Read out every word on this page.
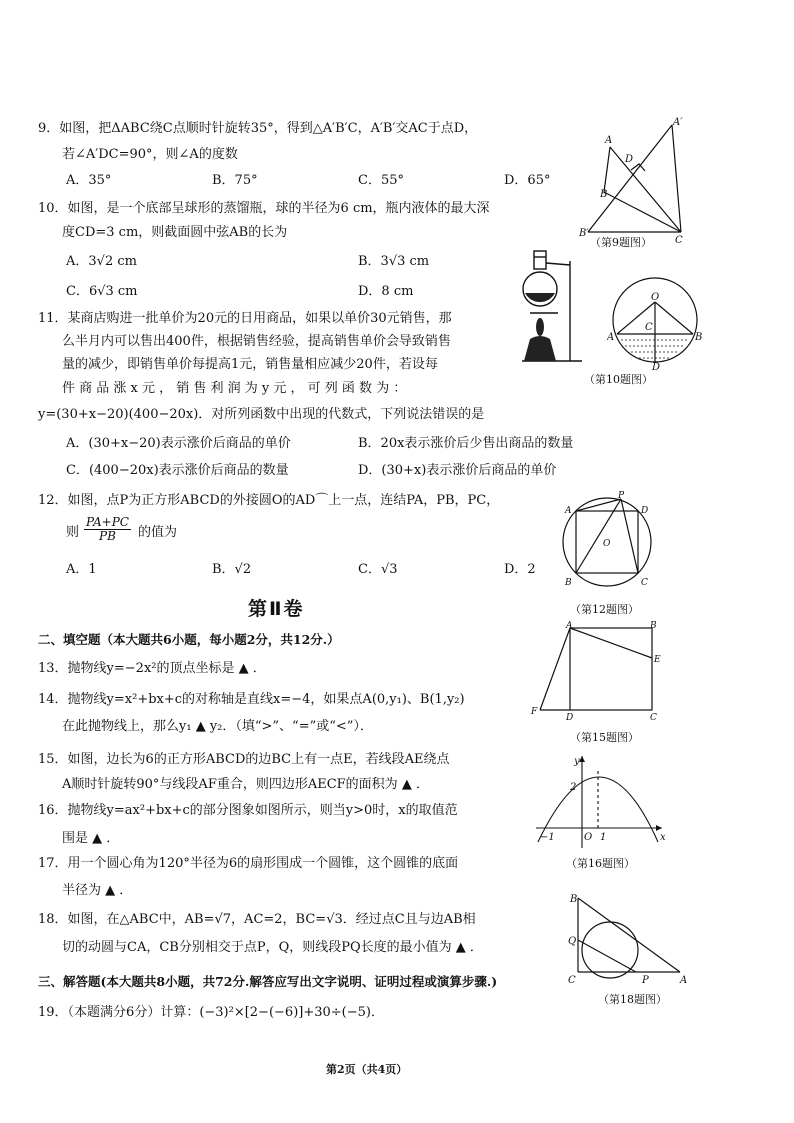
9．如图，把ΔABC绕C点顺时针旋转35°，得到△A′B′C，A′B′交AC于点D，
若∠A′DC=90°，则∠A的度数
A．35°	B．75°	C．55°	D．65°
A
A′
D
B
B′
C
（第9题图）
10．如图，是一个底部呈球形的蒸馏瓶，球的半径为6 cm，瓶内液体的最大深
度CD=3 cm，则截面圆中弦AB的长为
A．3√2 cm	B．3√3 cm
C．6√3 cm	D．8 cm	O
C
A	B
D
（第10题图）
11．某商店购进一批单价为20元的日用商品，如果以单价30元销售，那
么半月内可以售出400件，根据销售经验，提高销售单价会导致销售
量的减少，即销售单价每提高1元，销售量相应减少20件，若设每
件 商 品 涨 x 元 ， 销 售 利 润 为 y 元 ， 可 列 函 数 为 ：
y=(30+x−20)(400−20x)．对所列函数中出现的代数式，下列说法错误的是
A．(30+x−20)表示涨价后商品的单价	B．20x表示涨价后少售出商品的数量
C．(400−20x)表示涨价后商品的数量	D．(30+x)表示涨价后商品的单价
12．如图，点P为正方形ABCD的外接圆O的AD⌒上一点，连结PA，PB，PC，
则 $\frac{PA+PC}{PB}$ 的值为
A．1	B．√2	C．√3	D．2
P
A	D
O
B	C
（第12题图）
第Ⅱ卷
二、填空题（本大题共6小题，每小题2分，共12分.）
13．抛物线y=−2x²的顶点坐标是 ▲ ．
14．抛物线y=x²+bx+c的对称轴是直线x=−4，如果点A(0,y₁)、B(1,y₂)
在此抛物线上，那么y₁ ▲ y₂．（填“>”、“=”或“<”）．
A	B
E
F
D	C
（第15题图）
15．如图，边长为6的正方形ABCD的边BC上有一点E，若线段AE绕点
A顺时针旋转90°与线段AF重合，则四边形AECF的面积为 ▲ ．
y
2
−1	O 1	x
（第16题图）
16．抛物线y=ax²+bx+c的部分图象如图所示，则当y>0时，x的取值范
围是 ▲ ．
17．用一个圆心角为120°半径为6的扇形围成一个圆锥，这个圆锥的底面
半径为 ▲ ．
18．如图，在△ABC中，AB=√7，AC=2，BC=√3．经过点C且与边AB相
切的动圆与CA，CB分别相交于点P，Q，则线段PQ长度的最小值为 ▲ ．
B
Q
C	P	A
（第18题图）
三、解答题(本大题共8小题，共72分.解答应写出文字说明、证明过程或演算步骤.)
19．（本题满分6分）计算：(−3)²×[2−(−6)]+30÷(−5)．
第2页（共4页）
